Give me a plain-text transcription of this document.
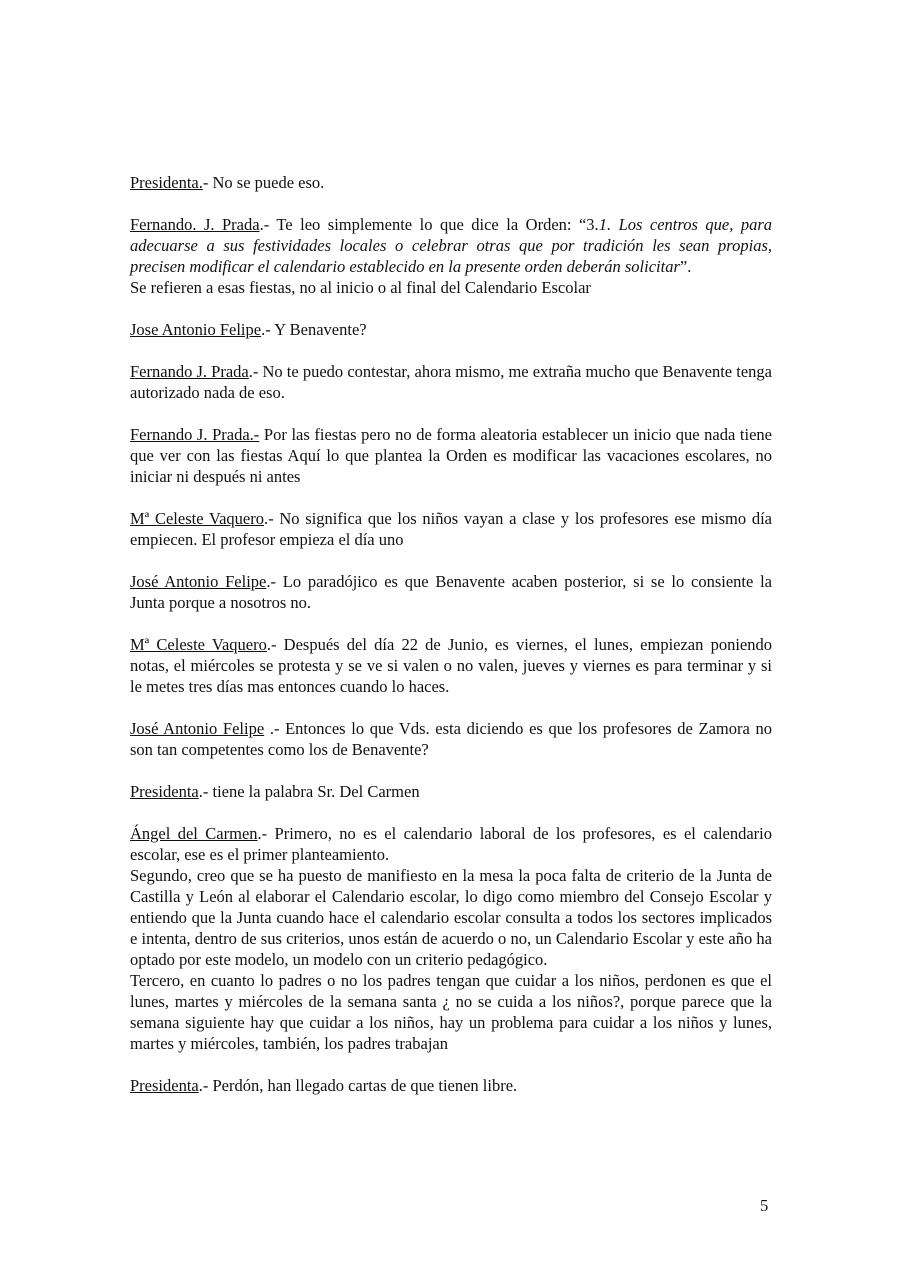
Presidenta.- No se puede eso.

Fernando. J. Prada.- Te leo simplemente lo que dice la Orden: “3.1. Los centros que, para adecuarse a sus festividades locales o celebrar otras que por tradición les sean propias, precisen modificar el calendario establecido en la presente orden deberán solicitar”.

Se refieren a esas fiestas, no al inicio o al final del Calendario Escolar

Jose Antonio Felipe.- Y Benavente?

Fernando J. Prada.- No te puedo contestar, ahora mismo, me extraña mucho que Benavente tenga autorizado nada de eso.

Fernando J. Prada.- Por las fiestas pero no de forma aleatoria establecer un inicio que nada tiene que ver con las fiestas Aquí lo que plantea la Orden es modificar las vacaciones escolares, no iniciar ni después ni antes

Mª Celeste Vaquero.- No significa que los niños vayan a clase y los profesores ese mismo día empiecen. El profesor empieza el día uno

José Antonio Felipe.- Lo paradójico es que Benavente acaben posterior, si se lo consiente la Junta porque a nosotros no.

Mª Celeste Vaquero.- Después del día 22 de Junio, es viernes, el lunes, empiezan poniendo notas, el miércoles se protesta y se ve si valen o no valen, jueves y viernes es para terminar y si le metes tres días mas entonces cuando lo haces.

José Antonio Felipe .- Entonces lo que Vds. esta diciendo es que los profesores de Zamora no son tan competentes como los de Benavente?

Presidenta.- tiene la palabra Sr. Del Carmen

Ángel del Carmen.- Primero, no es el calendario laboral de los profesores, es el calendario escolar, ese es el primer planteamiento.

Segundo, creo que se ha puesto de manifiesto en la mesa la poca falta de criterio de la Junta de Castilla y León al elaborar el Calendario escolar, lo digo como miembro del Consejo Escolar y entiendo que la Junta cuando hace el calendario escolar consulta a todos los sectores implicados e intenta, dentro de sus criterios, unos están de acuerdo o no, un Calendario Escolar y este año ha optado por este modelo, un modelo con un criterio pedagógico.

Tercero, en cuanto lo padres o no los padres tengan que cuidar a los niños, perdonen es que el lunes, martes y miércoles de la semana santa ¿ no se cuida a los niños?, porque parece que la semana siguiente hay que cuidar a los niños, hay un problema para cuidar a los niños y lunes, martes y miércoles, también, los padres trabajan

Presidenta.- Perdón, han llegado cartas de que tienen libre.

5
